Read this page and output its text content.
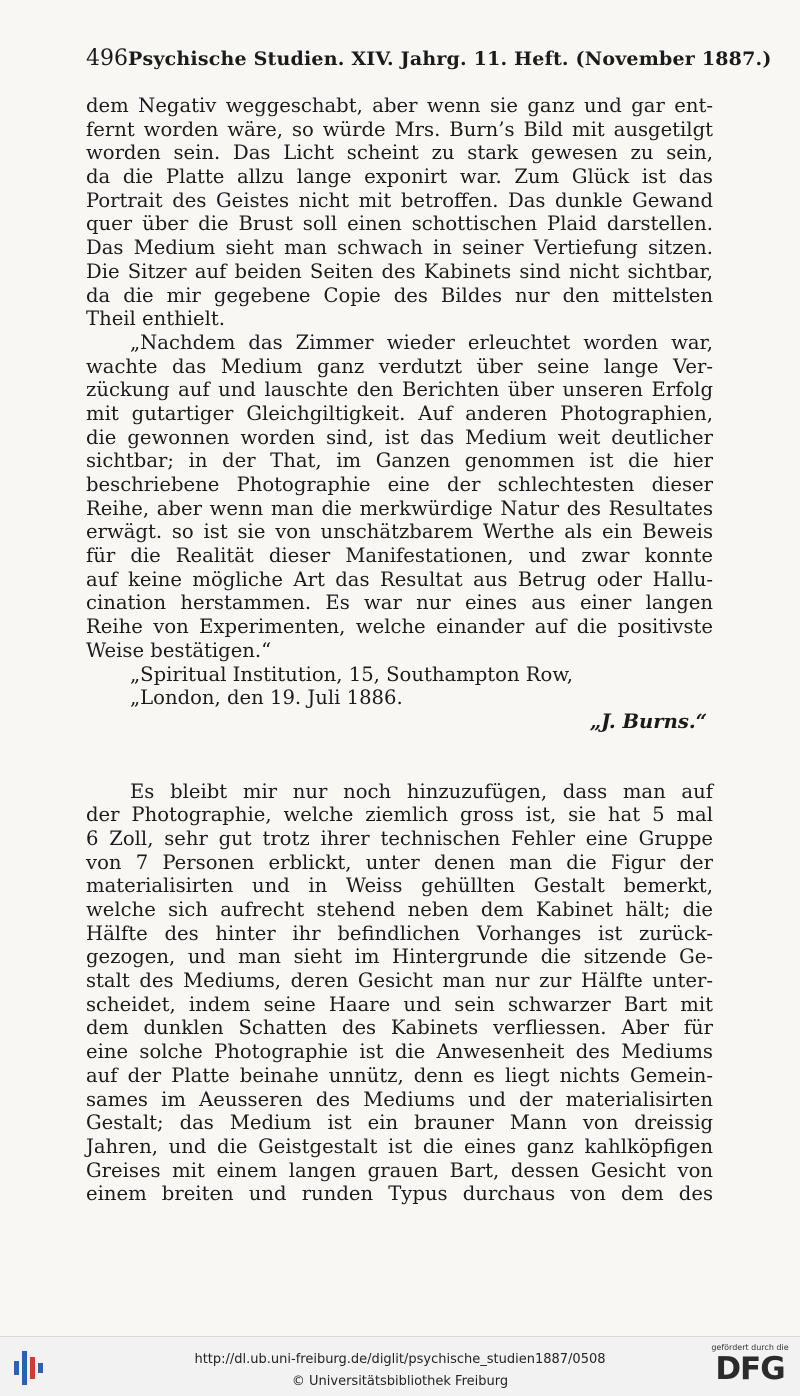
496 Psychische Studien. XIV. Jahrg. 11. Heft. (November 1887.)
dem Negativ weggeschabt, aber wenn sie ganz und gar ent-
fernt worden wäre, so würde Mrs. Burn’s Bild mit ausgetilgt
worden sein. Das Licht scheint zu stark gewesen zu sein,
da die Platte allzu lange exponirt war. Zum Glück ist das
Portrait des Geistes nicht mit betroffen. Das dunkle Gewand
quer über die Brust soll einen schottischen Plaid darstellen.
Das Medium sieht man schwach in seiner Vertiefung sitzen.
Die Sitzer auf beiden Seiten des Kabinets sind nicht sichtbar,
da die mir gegebene Copie des Bildes nur den mittelsten
Theil enthielt.
„Nachdem das Zimmer wieder erleuchtet worden war,
wachte das Medium ganz verdutzt über seine lange Ver-
zückung auf und lauschte den Berichten über unseren Erfolg
mit gutartiger Gleichgiltigkeit. Auf anderen Photographien,
die gewonnen worden sind, ist das Medium weit deutlicher
sichtbar; in der That, im Ganzen genommen ist die hier
beschriebene Photographie eine der schlechtesten dieser
Reihe, aber wenn man die merkwürdige Natur des Resultates
erwägt. so ist sie von unschätzbarem Werthe als ein Beweis
für die Realität dieser Manifestationen, und zwar konnte
auf keine mögliche Art das Resultat aus Betrug oder Hallu-
cination herstammen. Es war nur eines aus einer langen
Reihe von Experimenten, welche einander auf die positivste
Weise bestätigen.“
„Spiritual Institution, 15, Southampton Row,
„London, den 19. Juli 1886.
„J. Burns.“
Es bleibt mir nur noch hinzuzufügen, dass man auf
der Photographie, welche ziemlich gross ist, sie hat 5 mal
6 Zoll, sehr gut trotz ihrer technischen Fehler eine Gruppe
von 7 Personen erblickt, unter denen man die Figur der
materialisirten und in Weiss gehüllten Gestalt bemerkt,
welche sich aufrecht stehend neben dem Kabinet hält; die
Hälfte des hinter ihr befindlichen Vorhanges ist zurück-
gezogen, und man sieht im Hintergrunde die sitzende Ge-
stalt des Mediums, deren Gesicht man nur zur Hälfte unter-
scheidet, indem seine Haare und sein schwarzer Bart mit
dem dunklen Schatten des Kabinets verfliessen. Aber für
eine solche Photographie ist die Anwesenheit des Mediums
auf der Platte beinahe unnütz, denn es liegt nichts Gemein-
sames im Aeusseren des Mediums und der materialisirten
Gestalt; das Medium ist ein brauner Mann von dreissig
Jahren, und die Geistgestalt ist die eines ganz kahlköpfigen
Greises mit einem langen grauen Bart, dessen Gesicht von
einem breiten und runden Typus durchaus von dem des
http://dl.ub.uni-freiburg.de/diglit/psychische_studien1887/0508
© Universitätsbibliothek Freiburg
gefördert durch die
DFG
